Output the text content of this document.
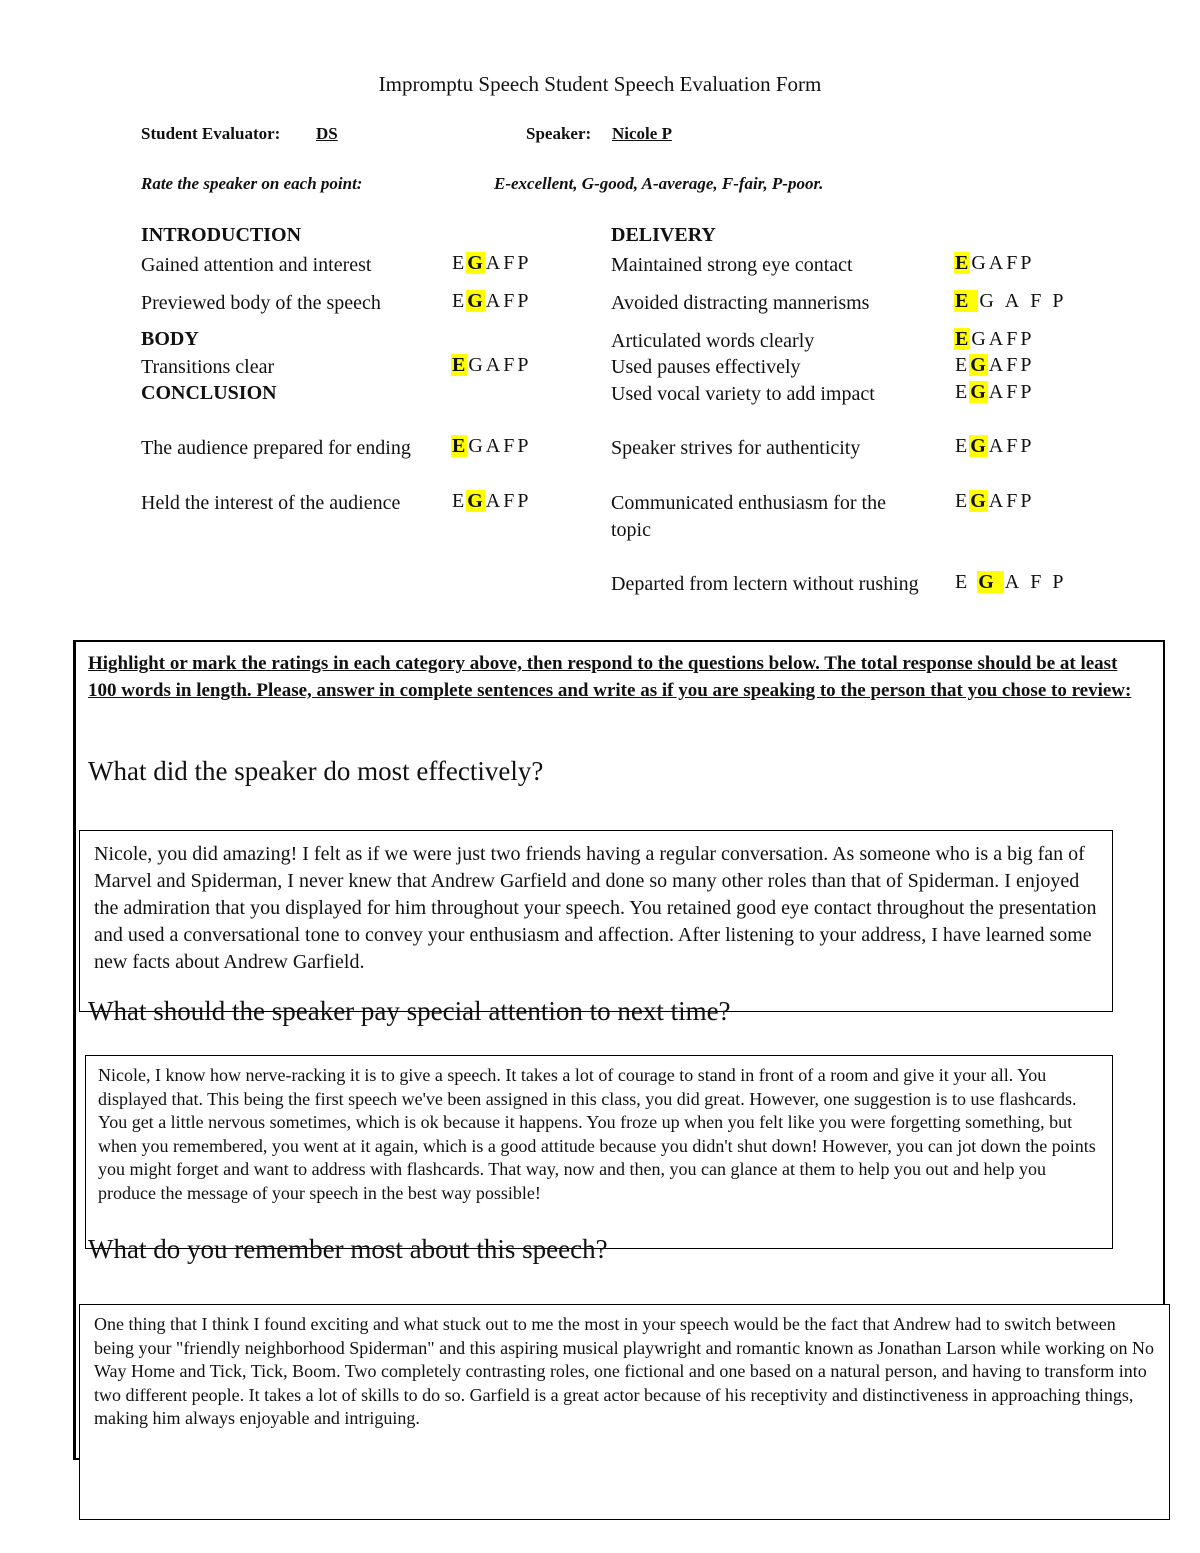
Impromptu Speech Student Speech Evaluation Form
Student Evaluator: DS	Speaker: Nicole P
Rate the speaker on each point:	E-excellent, G-good, A-average, F-fair, P-poor.
INTRODUCTION
Gained attention and interest	E G A F P
Previewed body of the speech	E G A F P
BODY
Transitions clear	E G A F P
CONCLUSION
The audience prepared for ending E G A F P
Held the interest of the audience	E G A F P
DELIVERY
Maintained strong eye contact	E G A F P
Avoided distracting mannerisms	E G A F P
Articulated words clearly	E G A F P
Used pauses effectively	E G A F P
Used vocal variety to add impact	E G A F P
Speaker strives for authenticity	E G A F P
Communicated enthusiasm for the topic
E G A F P
Departed from lectern without rushing E G A F P
Highlight or mark the ratings in each category above, then respond to the questions below. The total response should be at least 100 words in length. Please, answer in complete sentences and write as if you are speaking to the person that you chose to review:
What did the speaker do most effectively?
Nicole, you did amazing! I felt as if we were just two friends having a regular conversation. As someone who is a big fan of Marvel and Spiderman, I never knew that Andrew Garfield and done so many other roles than that of Spiderman. I enjoyed the admiration that you displayed for him throughout your speech. You retained good eye contact throughout the presentation and used a conversational tone to convey your enthusiasm and affection. After listening to your address, I have learned some new facts about Andrew Garfield.
What should the speaker pay special attention to next time?
Nicole, I know how nerve-racking it is to give a speech. It takes a lot of courage to stand in front of a room and give it your all. You displayed that. This being the first speech we've been assigned in this class, you did great. However, one suggestion is to use flashcards. You get a little nervous sometimes, which is ok because it happens. You froze up when you felt like you were forgetting something, but when you remembered, you went at it again, which is a good attitude because you didn't shut down! However, you can jot down the points you might forget and want to address with flashcards. That way, now and then, you can glance at them to help you out and help you produce the message of your speech in the best way possible!
What do you remember most about this speech?
One thing that I think I found exciting and what stuck out to me the most in your speech would be the fact that Andrew had to switch between being your "friendly neighborhood Spiderman" and this aspiring musical playwright and romantic known as Jonathan Larson while working on No Way Home and Tick, Tick, Boom. Two completely contrasting roles, one fictional and one based on a natural person, and having to transform into two different people. It takes a lot of skills to do so. Garfield is a great actor because of his receptivity and distinctiveness in approaching things, making him always enjoyable and intriguing.
